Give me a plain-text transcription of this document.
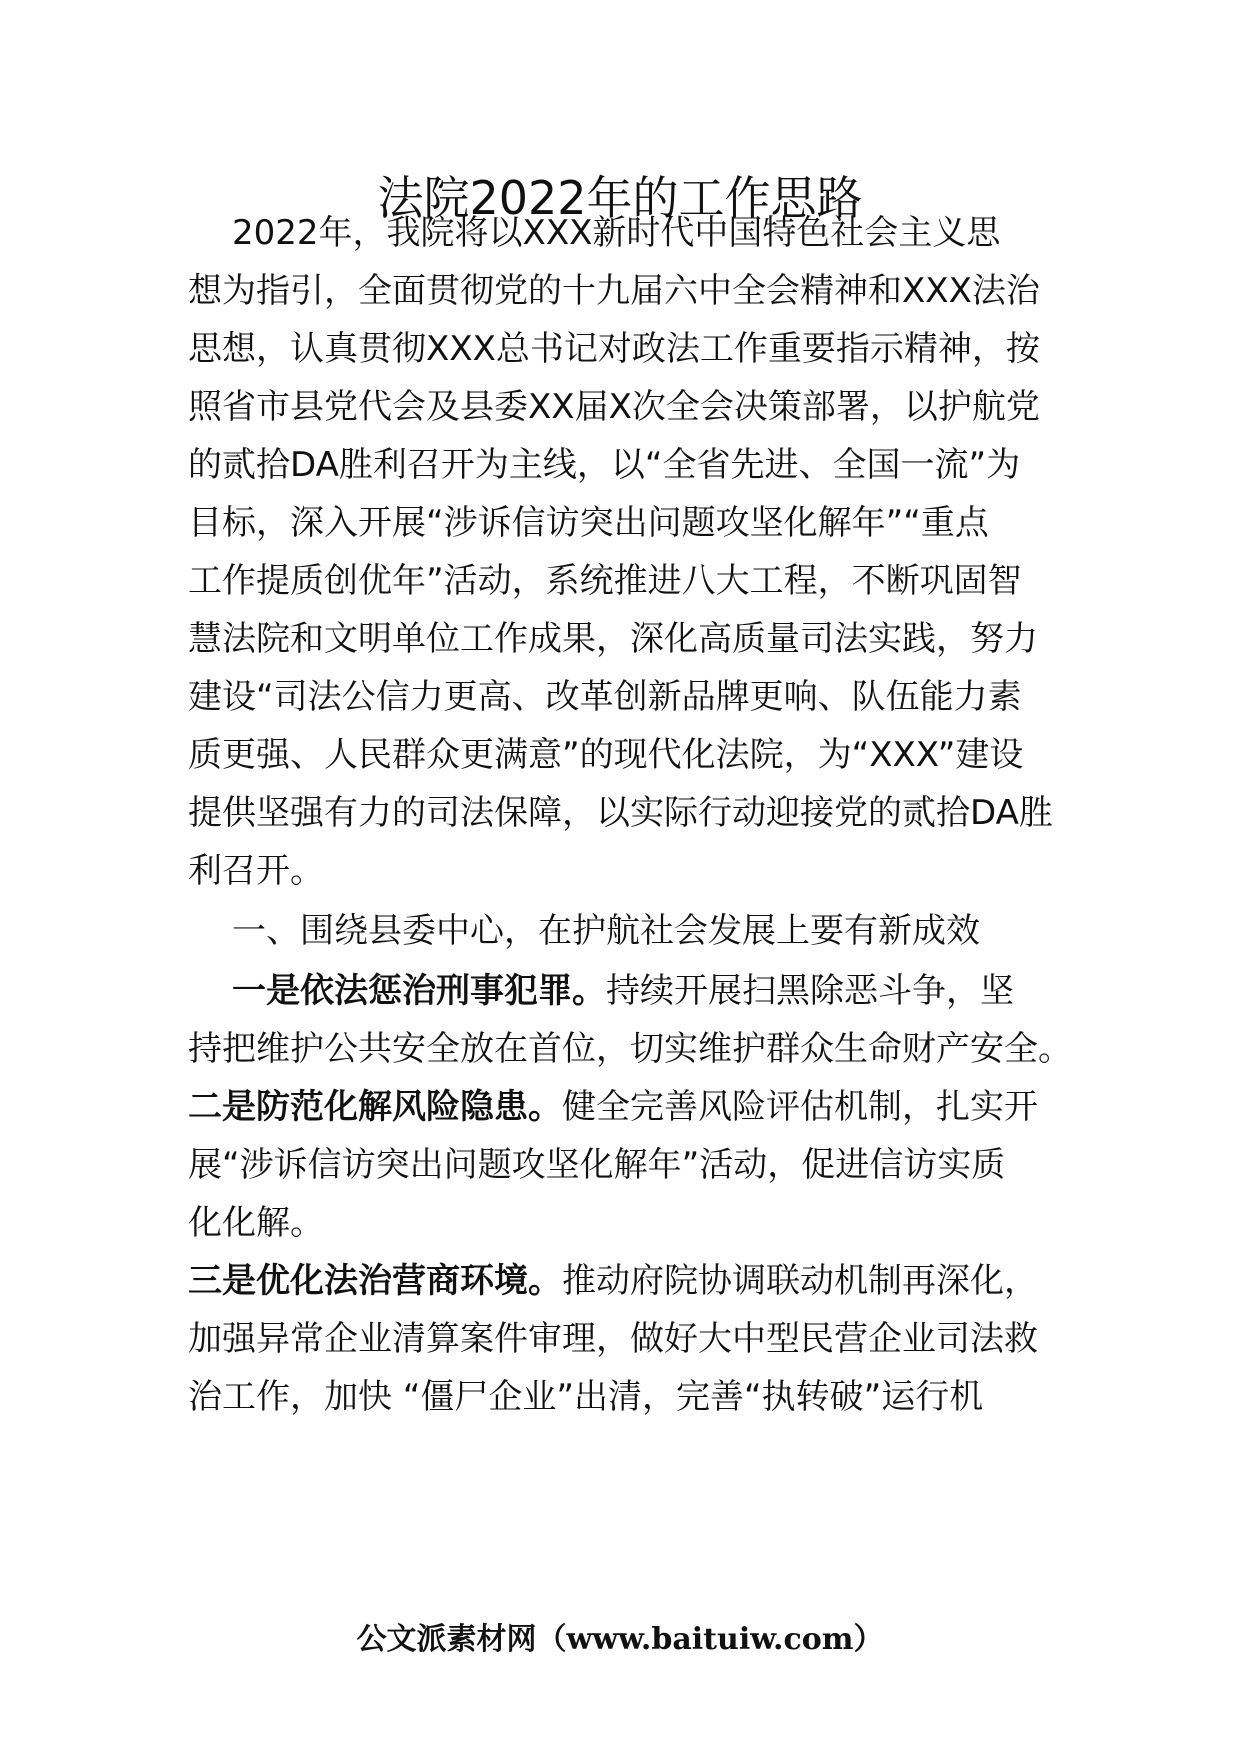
法院2022年的工作思路
2022年，我院将以XXX新时代中国特色社会主义思
想为指引，全面贯彻党的十九届六中全会精神和XXX法治
思想，认真贯彻XXX总书记对政法工作重要指示精神，按
照省市县党代会及县委XX届X次全会决策部署，以护航党
的贰拾DA胜利召开为主线，以“全省先进、全国一流”为
目标，深入开展“涉诉信访突出问题攻坚化解年”“重点
工作提质创优年”活动，系统推进八大工程，不断巩固智
慧法院和文明单位工作成果，深化高质量司法实践，努力
建设“司法公信力更高、改革创新品牌更响、队伍能力素
质更强、人民群众更满意”的现代化法院，为“XXX”建设
提供坚强有力的司法保障，以实际行动迎接党的贰拾DA胜
利召开。
一、围绕县委中心，在护航社会发展上要有新成效
一是依法惩治刑事犯罪。持续开展扫黑除恶斗争，坚
持把维护公共安全放在首位，切实维护群众生命财产安全。
二是防范化解风险隐患。健全完善风险评估机制，扎实开
展“涉诉信访突出问题攻坚化解年”活动，促进信访实质
化化解。
三是优化法治营商环境。推动府院协调联动机制再深化，
加强异常企业清算案件审理，做好大中型民营企业司法救
治工作，加快 “僵尸企业”出清，完善“执转破”运行机
公文派素材网（www.baituiw.com）
